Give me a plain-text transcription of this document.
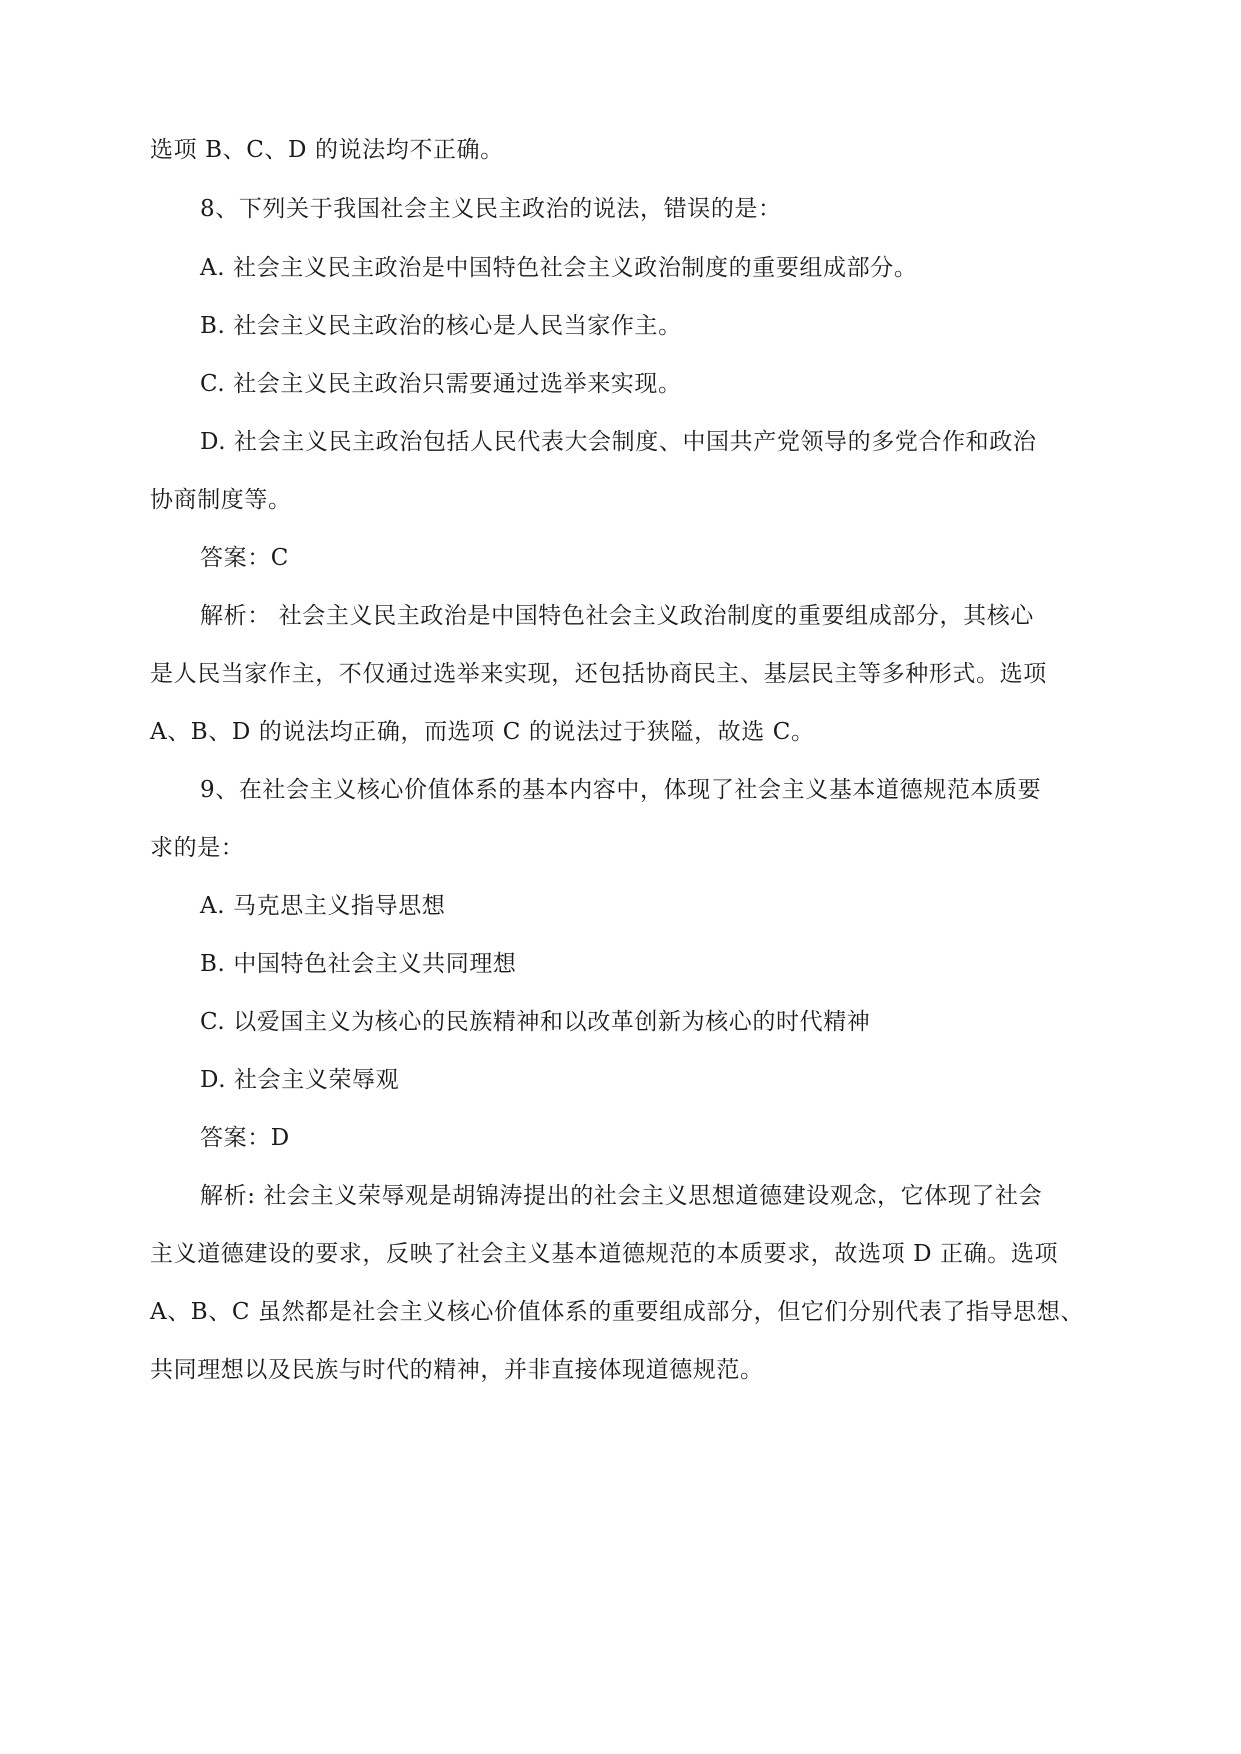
选项 B、C、D 的说法均不正确。
8、下列关于我国社会主义民主政治的说法，错误的是：
A. 社会主义民主政治是中国特色社会主义政治制度的重要组成部分。
B. 社会主义民主政治的核心是人民当家作主。
C. 社会主义民主政治只需要通过选举来实现。
D. 社会主义民主政治包括人民代表大会制度、中国共产党领导的多党合作和政治
协商制度等。
答案：C
解析： 社会主义民主政治是中国特色社会主义政治制度的重要组成部分，其核心
是人民当家作主，不仅通过选举来实现，还包括协商民主、基层民主等多种形式。选项
A、B、D 的说法均正确，而选项 C 的说法过于狭隘，故选 C。
9、在社会主义核心价值体系的基本内容中，体现了社会主义基本道德规范本质要
求的是：
A. 马克思主义指导思想
B. 中国特色社会主义共同理想
C. 以爱国主义为核心的民族精神和以改革创新为核心的时代精神
D. 社会主义荣辱观
答案：D
解析: 社会主义荣辱观是胡锦涛提出的社会主义思想道德建设观念，它体现了社会
主义道德建设的要求，反映了社会主义基本道德规范的本质要求，故选项 D 正确。选项
A、B、C 虽然都是社会主义核心价值体系的重要组成部分，但它们分别代表了指导思想、
共同理想以及民族与时代的精神，并非直接体现道德规范。
